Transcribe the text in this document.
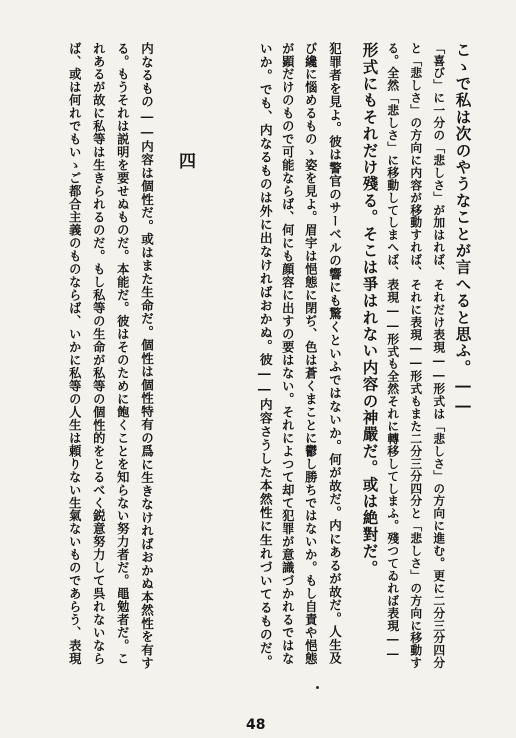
こゝで私は次のやうなことが言へると思ふ。――
「喜び」に一分の「悲しさ」が加はれば、それだけ表現――形式は「悲しさ」の方向に進む。更に二分三分四分
と「悲しさ」の方向に内容が移動すれば、それに表現――形式もまた二分三分四分と「悲しさ」の方向に移動す
る。全然「悲しさ」に移動してしまへば、表現――形式も全然それに轉移してしまふ。殘つてゐれば表現――
形式にもそれだけ殘る。そこは爭はれない内容の神嚴だ。或は絶對だ。
犯罪者を見よ。彼は警官のサーベルの響にも驚くといふではないか。何が故だ。内にあるが故だ。人生及
び纔に惱めるものゝ姿を見よ。眉宇は悒態に閉ぢ、色は蒼くまことに鬱し勝ちではないか。もし自責や悒態
が顕だけのもので可能ならば、何にも顔容に出すの要はない。それによつて却て犯罪が意識づかれるではな
いか。でも、内なるものは外に出なければおかぬ。彼――内容さうした本然性に生れづいてるものだ。
四
内なるもの――内容は個性だ。或はまた生命だ。個性は個性特有の爲に生きなければおかぬ本然性を有す
る。もうそれは説明を要せぬものだ。本能だ。彼はそのために飽くことを知らない努力者だ。黽勉者だ。こ
れあるが故に私等は生きられるのだ。もし私等の生命が私等の個性的をとるべく鋭意努力して呉れないなら
ば、或は何れでもいゝご都合主義のものならば、いかに私等の人生は頼りない生氣ないものであらう、表現
48
